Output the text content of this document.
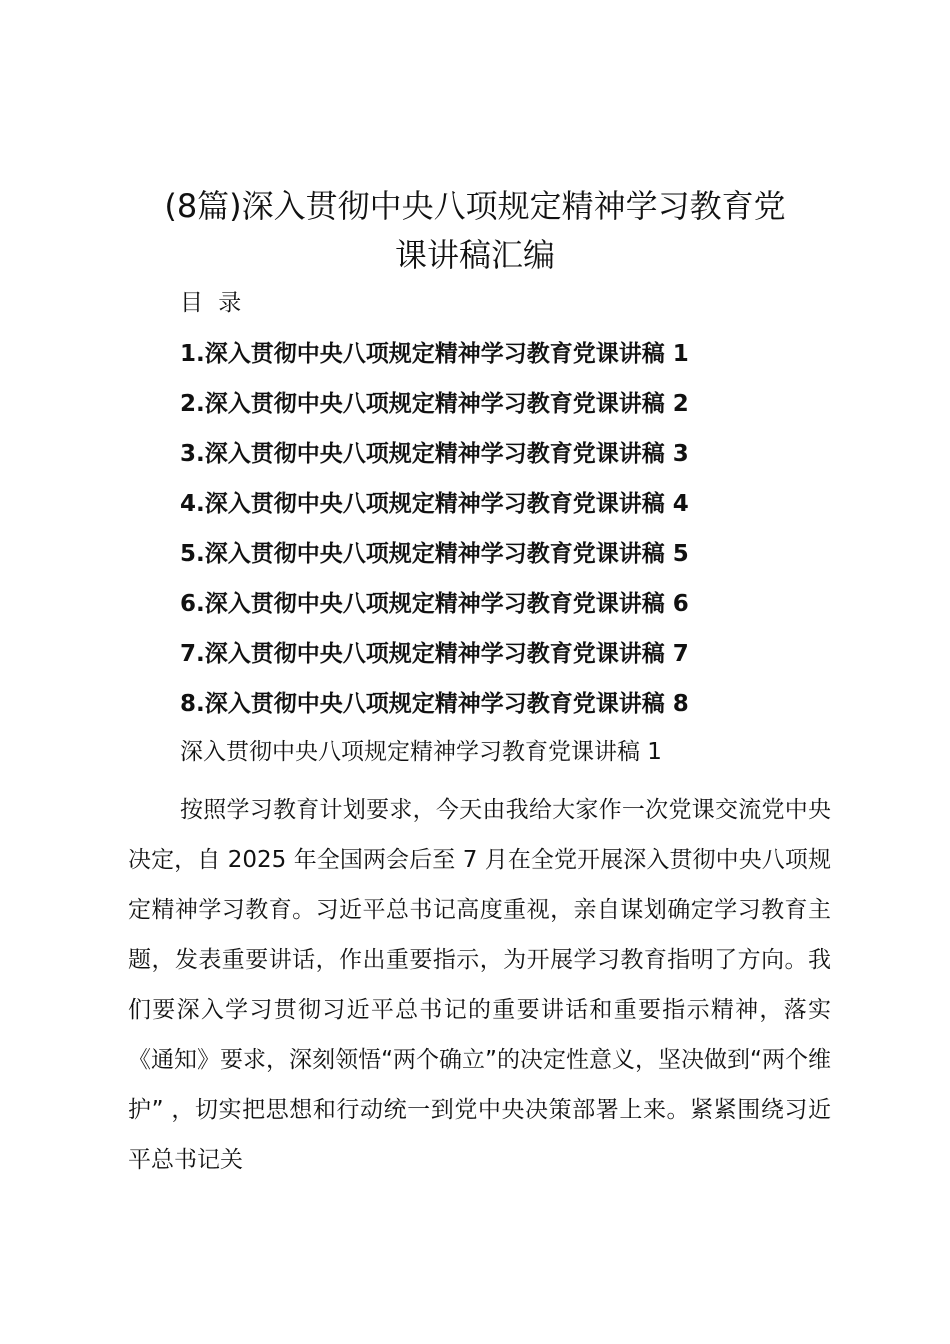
(8篇)深入贯彻中央八项规定精神学习教育党
课讲稿汇编
目 录
1.深入贯彻中央八项规定精神学习教育党课讲稿 1
2.深入贯彻中央八项规定精神学习教育党课讲稿 2
3.深入贯彻中央八项规定精神学习教育党课讲稿 3
4.深入贯彻中央八项规定精神学习教育党课讲稿 4
5.深入贯彻中央八项规定精神学习教育党课讲稿 5
6.深入贯彻中央八项规定精神学习教育党课讲稿 6
7.深入贯彻中央八项规定精神学习教育党课讲稿 7
8.深入贯彻中央八项规定精神学习教育党课讲稿 8
深入贯彻中央八项规定精神学习教育党课讲稿 1

按照学习教育计划要求，今天由我给大家作一次党课交流党中央决定，自 2025 年全国两会后至 7 月在全党开展深入贯彻中央八项规定精神学习教育。习近平总书记高度重视，亲自谋划确定学习教育主题，发表重要讲话，作出重要指示，为开展学习教育指明了方向。我们要深入学习贯彻习近平总书记的重要讲话和重要指示精神，落实《通知》要求，深刻领悟“两个确立”的决定性意义，坚决做到“两个维护” ，切实把思想和行动统一到党中央决策部署上来。紧紧围绕习近平总书记关
